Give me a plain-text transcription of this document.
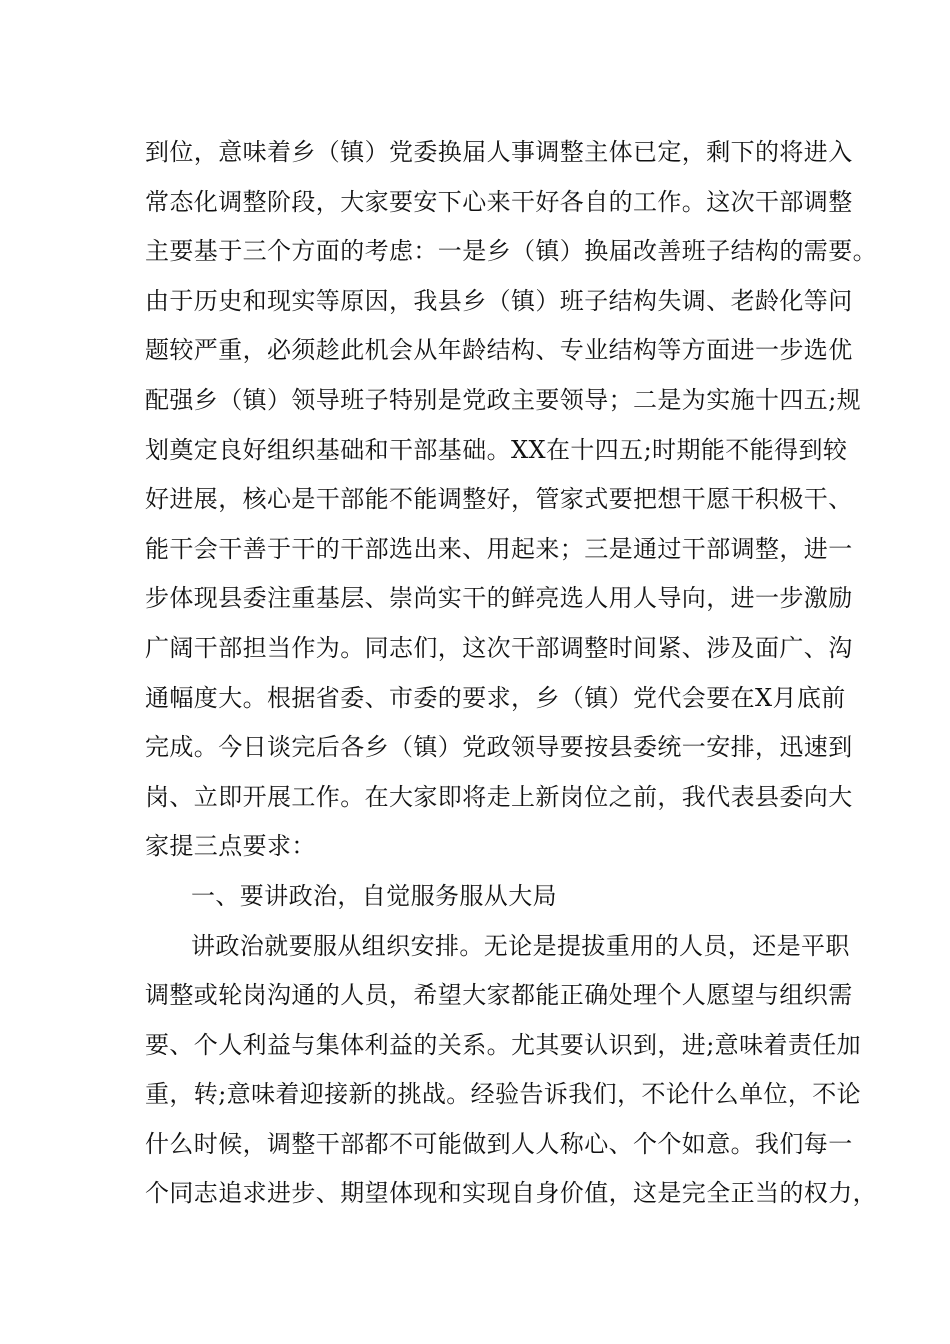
到位，意味着乡（镇）党委换届人事调整主体已定，剩下的将进入
常态化调整阶段，大家要安下心来干好各自的工作。这次干部调整
主要基于三个方面的考虑：一是乡（镇）换届改善班子结构的需要。
由于历史和现实等原因，我县乡（镇）班子结构失调、老龄化等问
题较严重，必须趁此机会从年龄结构、专业结构等方面进一步选优
配强乡（镇）领导班子特别是党政主要领导；二是为实施十四五;规
划奠定良好组织基础和干部基础。XX在十四五;时期能不能得到较
好进展，核心是干部能不能调整好，管家式要把想干愿干积极干、
能干会干善于干的干部选出来、用起来；三是通过干部调整，进一
步体现县委注重基层、崇尚实干的鲜亮选人用人导向，进一步激励
广阔干部担当作为。同志们，这次干部调整时间紧、涉及面广、沟
通幅度大。根据省委、市委的要求，乡（镇）党代会要在X月底前
完成。今日谈完后各乡（镇）党政领导要按县委统一安排，迅速到
岗、立即开展工作。在大家即将走上新岗位之前，我代表县委向大
家提三点要求：
一、要讲政治，自觉服务服从大局
讲政治就要服从组织安排。无论是提拔重用的人员，还是平职
调整或轮岗沟通的人员，希望大家都能正确处理个人愿望与组织需
要、个人利益与集体利益的关系。尤其要认识到，进;意味着责任加
重，转;意味着迎接新的挑战。经验告诉我们，不论什么单位，不论
什么时候，调整干部都不可能做到人人称心、个个如意。我们每一
个同志追求进步、期望体现和实现自身价值，这是完全正当的权力，
